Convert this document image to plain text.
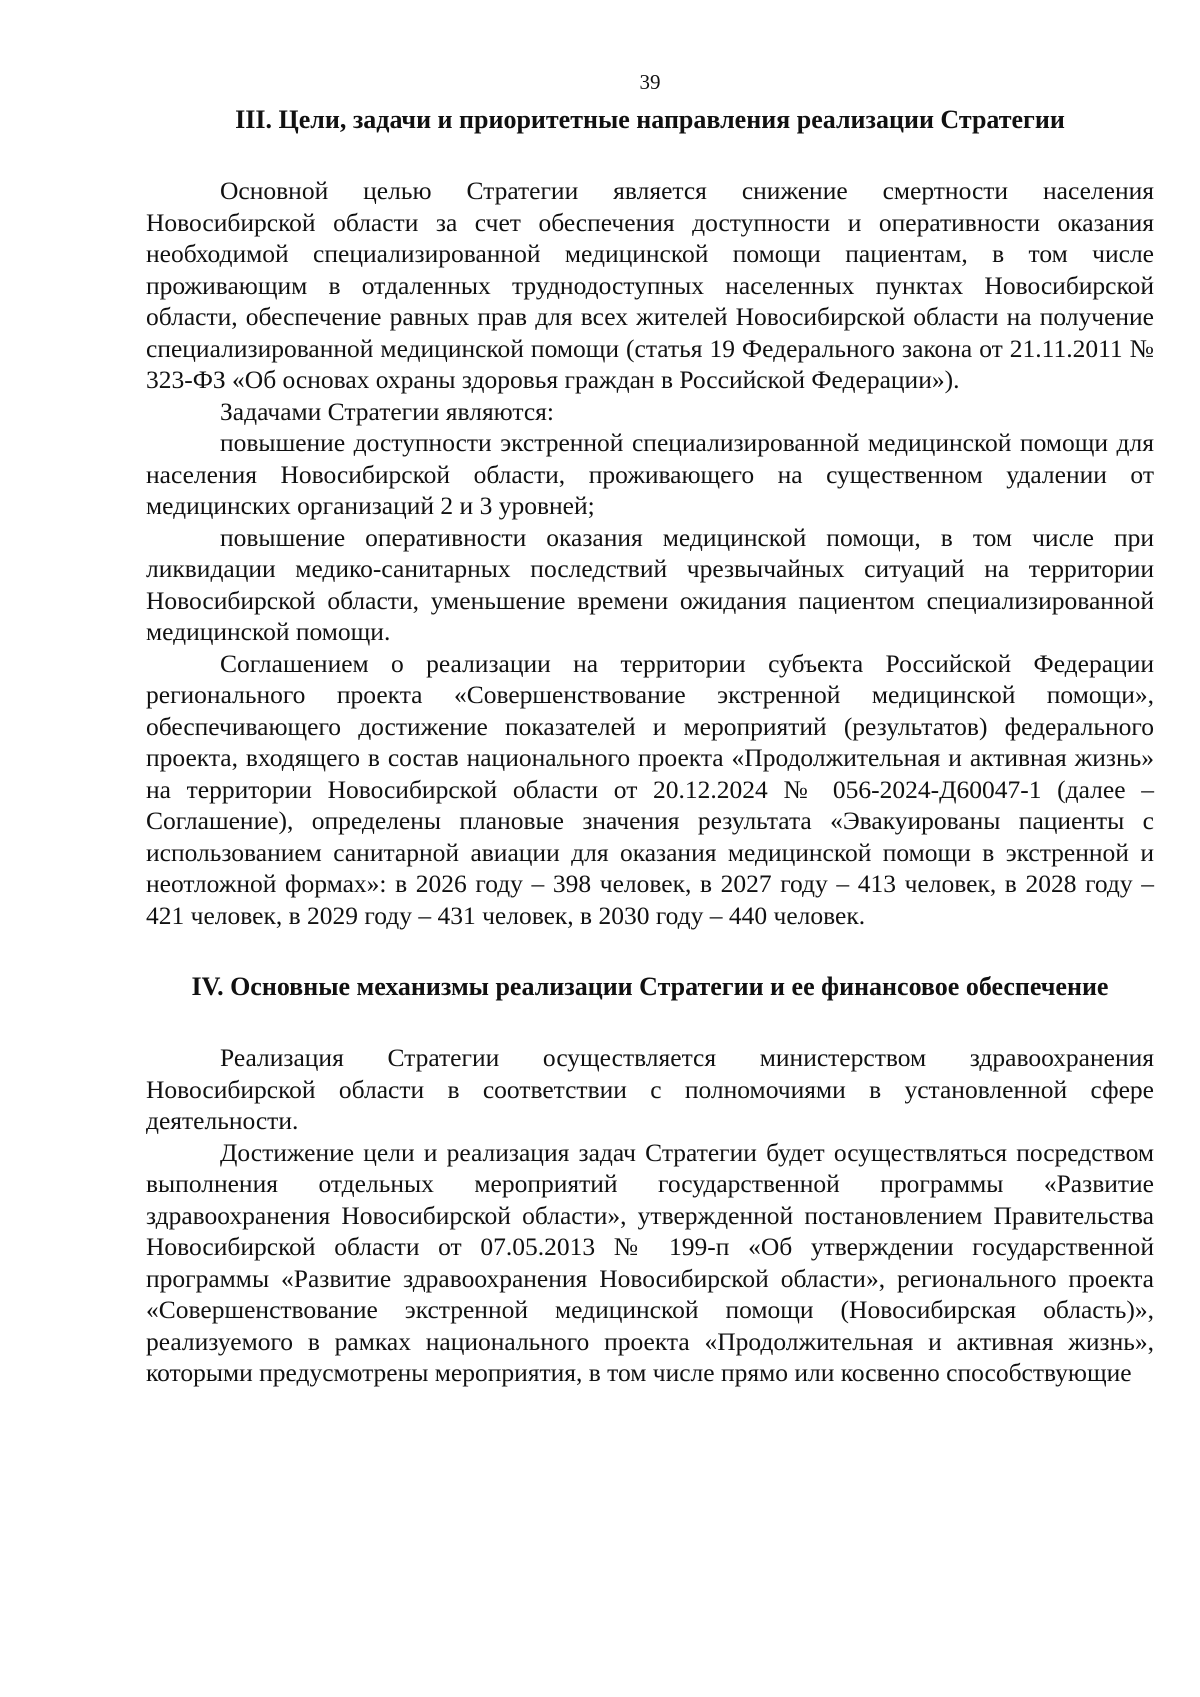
39
III. Цели, задачи и приоритетные направления реализации Стратегии

Основной целью Стратегии является снижение смертности населения Новосибирской области за счет обеспечения доступности и оперативности оказания необходимой специализированной медицинской помощи пациентам, в том числе проживающим в отдаленных труднодоступных населенных пунктах Новосибирской области, обеспечение равных прав для всех жителей Новосибирской области на получение специализированной медицинской помощи (статья 19 Федерального закона от 21.11.2011 № 323-ФЗ «Об основах охраны здоровья граждан в Российской Федерации»).

Задачами Стратегии являются:

повышение доступности экстренной специализированной медицинской помощи для населения Новосибирской области, проживающего на существенном удалении от медицинских организаций 2 и 3 уровней;

повышение оперативности оказания медицинской помощи, в том числе при ликвидации медико-санитарных последствий чрезвычайных ситуаций на территории Новосибирской области, уменьшение времени ожидания пациентом специализированной медицинской помощи.

Соглашением о реализации на территории субъекта Российской Федерации регионального проекта «Совершенствование экстренной медицинской помощи», обеспечивающего достижение показателей и мероприятий (результатов) федерального проекта, входящего в состав национального проекта «Продолжительная и активная жизнь» на территории Новосибирской области от 20.12.2024 № 056-2024-Д60047-1 (далее – Соглашение), определены плановые значения результата «Эвакуированы пациенты с использованием санитарной авиации для оказания медицинской помощи в экстренной и неотложной формах»: в 2026 году – 398 человек, в 2027 году – 413 человек, в 2028 году – 421 человек, в 2029 году – 431 человек, в 2030 году – 440 человек.

IV. Основные механизмы реализации Стратегии и ее финансовое обеспечение

Реализация Стратегии осуществляется министерством здравоохранения Новосибирской области в соответствии с полномочиями в установленной сфере деятельности.

Достижение цели и реализация задач Стратегии будет осуществляться посредством выполнения отдельных мероприятий государственной программы «Развитие здравоохранения Новосибирской области», утвержденной постановлением Правительства Новосибирской области от 07.05.2013 № 199-п «Об утверждении государственной программы «Развитие здравоохранения Новосибирской области», регионального проекта «Совершенствование экстренной медицинской помощи (Новосибирская область)», реализуемого в рамках национального проекта «Продолжительная и активная жизнь», которыми предусмотрены мероприятия, в том числе прямо или косвенно способствующие
